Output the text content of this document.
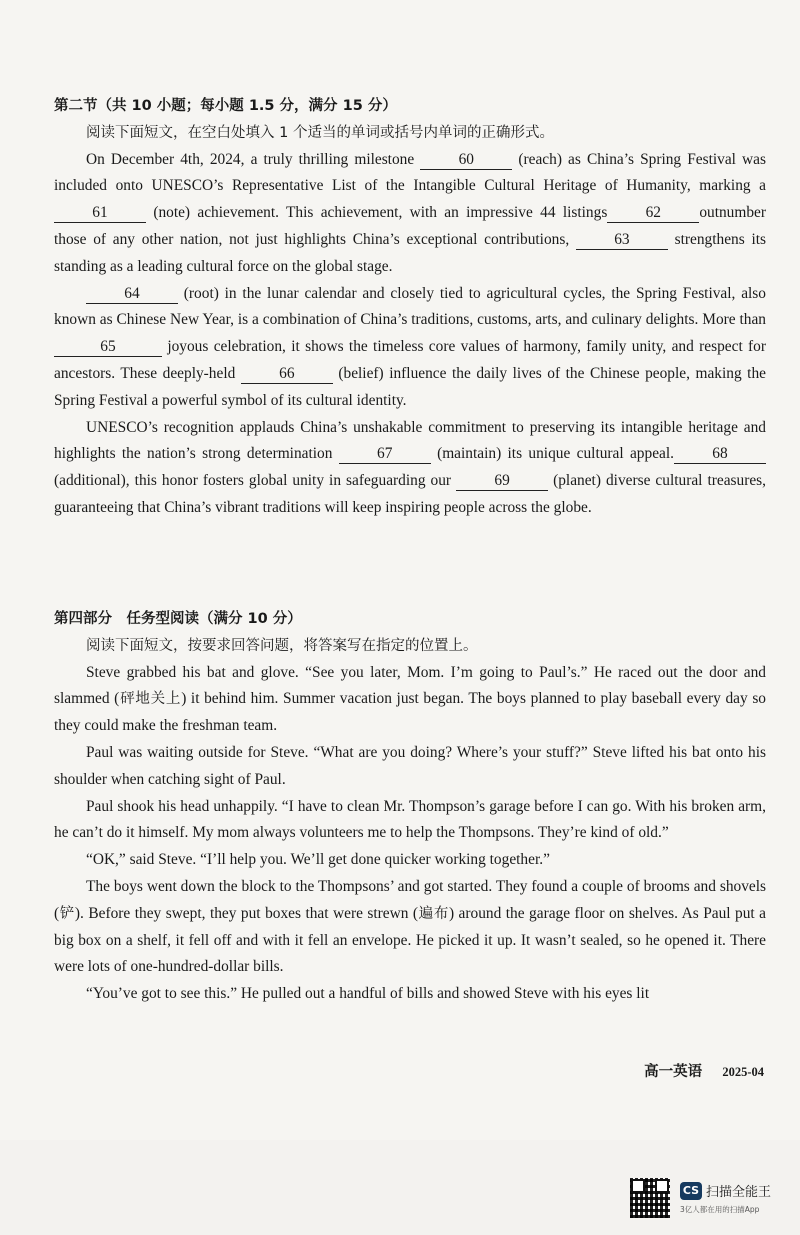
第二节（共 10 小题；每小题 1.5 分，满分 15 分）

阅读下面短文，在空白处填入 1 个适当的单词或括号内单词的正确形式。

On December 4th, 2024, a truly thrilling milestone 60 (reach) as China’s Spring Festival was included onto UNESCO’s Representative List of the Intangible Cultural Heritage of Humanity, marking a 61 (note) achievement. This achievement, with an impressive 44 listings 62 outnumber those of any other nation, not just highlights China’s exceptional contributions, 63 strengthens its standing as a leading cultural force on the global stage.

64 (root) in the lunar calendar and closely tied to agricultural cycles, the Spring Festival, also known as Chinese New Year, is a combination of China’s traditions, customs, arts, and culinary delights. More than 65	joyous celebration, it shows the timeless core values of harmony, family unity, and respect for ancestors. These deeply-held 66 (belief) influence the daily lives of the Chinese people, making the Spring Festival a powerful symbol of its cultural identity.

UNESCO’s recognition applauds China’s unshakable commitment to preserving its intangible heritage and highlights the nation’s strong determination 67 (maintain) its unique cultural appeal. 68 (additional), this honor fosters global unity in safeguarding our 69 (planet) diverse cultural treasures, guaranteeing that China’s vibrant traditions will keep inspiring people across the globe.

第四部分　任务型阅读（满分 10 分）

阅读下面短文，按要求回答问题，将答案写在指定的位置上。

Steve grabbed his bat and glove. “See you later, Mom. I’m going to Paul’s.” He raced out the door and slammed (砰地关上) it behind him. Summer vacation just began. The boys planned to play baseball every day so they could make the freshman team.

Paul was waiting outside for Steve. “What are you doing? Where’s your stuff?” Steve lifted his bat onto his shoulder when catching sight of Paul.

Paul shook his head unhappily. “I have to clean Mr. Thompson’s garage before I can go. With his broken arm, he can’t do it himself. My mom always volunteers me to help the Thompsons. They’re kind of old.”

“OK,” said Steve. “I’ll help you. We’ll get done quicker working together.”

The boys went down the block to the Thompsons’ and got started. They found a couple of brooms and shovels (铲). Before they swept, they put boxes that were strewn (遍布) around the garage floor on shelves. As Paul put a big box on a shelf, it fell off and with it fell an envelope. He picked it up. It wasn’t sealed, so he opened it. There were lots of one-hundred-dollar bills.

“You’ve got to see this.” He pulled out a handful of bills and showed Steve with his eyes lit

高一英语 2025-04
CS 扫描全能王
3亿人都在用的扫描App
